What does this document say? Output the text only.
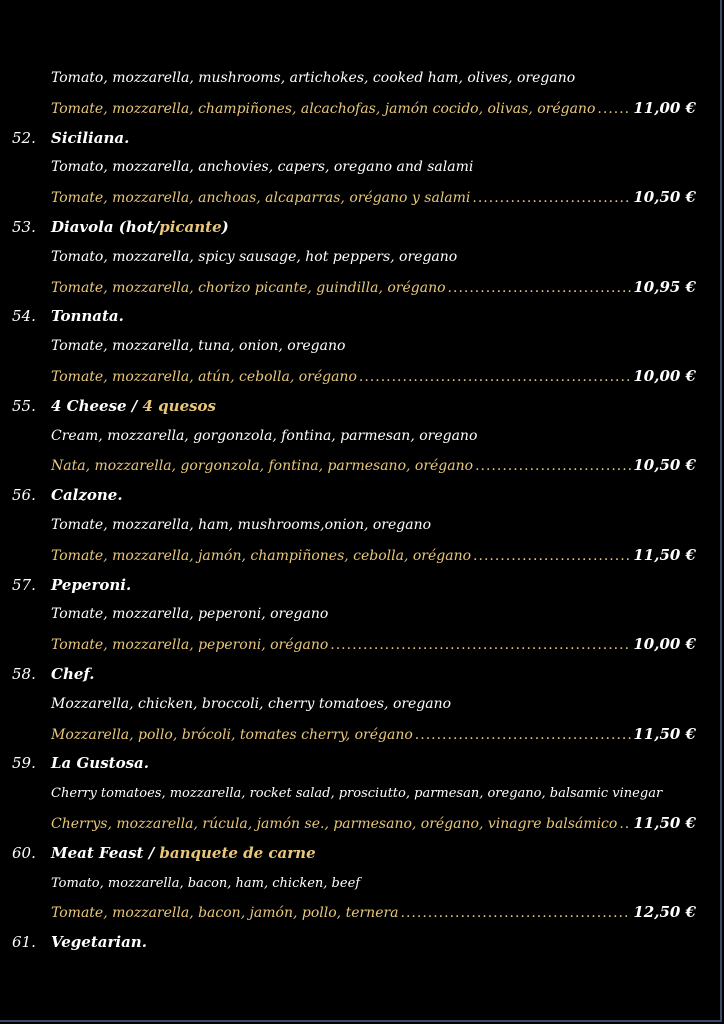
Tomato, mozzarella, mushrooms, artichokes, cooked ham, olives, oregano
Tomate, mozzarella, champiñones, alcachofas, jamón cocido, olivas, orégano .....	11,00 €
52. Siciliana.
Tomato, mozzarella, anchovies, capers, oregano and salami
Tomate, mozzarella, anchoas, alcaparras, orégano y salami .....	10,50 €
53. Diavola (hot/picante)
Tomato, mozzarella, spicy sausage, hot peppers, oregano
Tomate, mozzarella, chorizo picante, guindilla, orégano .....	10,95 €
54. Tonnata.
Tomate, mozzarella, tuna, onion, oregano
Tomate, mozzarella, atún, cebolla, orégano .....	10,00 €
55. 4 Cheese / 4 quesos
Cream, mozzarella, gorgonzola, fontina, parmesan, oregano
Nata, mozzarella, gorgonzola, fontina, parmesano, orégano .....	10,50 €
56. Calzone.
Tomate, mozzarella, ham, mushrooms,onion, oregano
Tomate, mozzarella, jamón, champiñones, cebolla, orégano .....	11,50 €
57. Peperoni.
Tomate, mozzarella, peperoni, oregano
Tomate, mozzarella, peperoni, orégano .....	10,00 €
58. Chef.
Mozzarella, chicken, broccoli, cherry tomatoes, oregano
Mozzarella, pollo, brócoli, tomates cherry, orégano .....	11,50 €
59. La Gustosa.
Cherry tomatoes, mozzarella, rocket salad, prosciutto, parmesan, oregano, balsamic vinegar
Cherrys, mozzarella, rúcula, jamón se., parmesano, orégano, vinagre balsámico ..... 11,50 €
60. Meat Feast / banquete de carne
Tomato, mozzarella, bacon, ham, chicken, beef
Tomate, mozzarella, bacon, jamón, pollo, ternera .....	12,50 €
61. Vegetarian.
